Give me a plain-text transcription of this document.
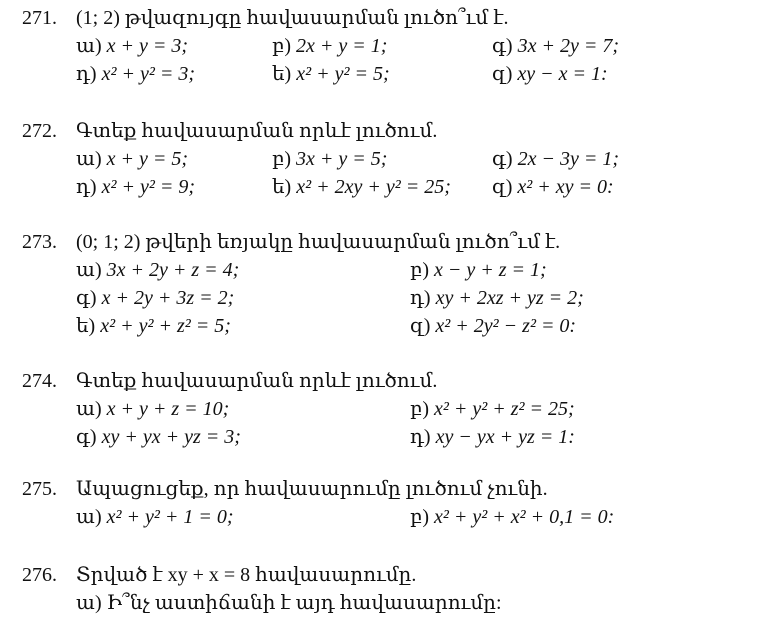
271. (1; 2) թվազույգը հավասարման լուծո՞ւմ է.
ա) x + y = 3;	բ) 2x + y = 1;	գ) 3x + 2y = 7;
դ) x² + y² = 3;	ե) x² + y² = 5;	զ) xy − x = 1:
272. Գտեք հավասարման որևէ լուծում.
ա) x + y = 5;	բ) 3x + y = 5;	գ) 2x − 3y = 1;
դ) x² + y² = 9;	ե) x² + 2xy + y² = 25; զ) x² + xy = 0:
273. (0; 1; 2) թվերի եռյակը հավասարման լուծո՞ւմ է.
ա) 3x + 2y + z = 4;	բ) x − y + z = 1;
գ) x + 2y + 3z = 2;	դ) xy + 2xz + yz = 2;
ե) x² + y² + z² = 5;	զ) x² + 2y² − z² = 0:
274. Գտեք հավասարման որևէ լուծում.
ա) x + y + z = 10;	բ) x² + y² + z² = 25;
գ) xy + yx + yz = 3;	դ) xy − yx + yz = 1:
275. Ապացուցեք, որ հավասարումը լուծում չունի.
ա) x² + y² + 1 = 0;	բ) x² + y² + x² + 0,1 = 0:
276. Տրված է xy + x = 8 հավասարումը.
ա) Ի՞նչ աստիճանի է այդ հավասարումը:
